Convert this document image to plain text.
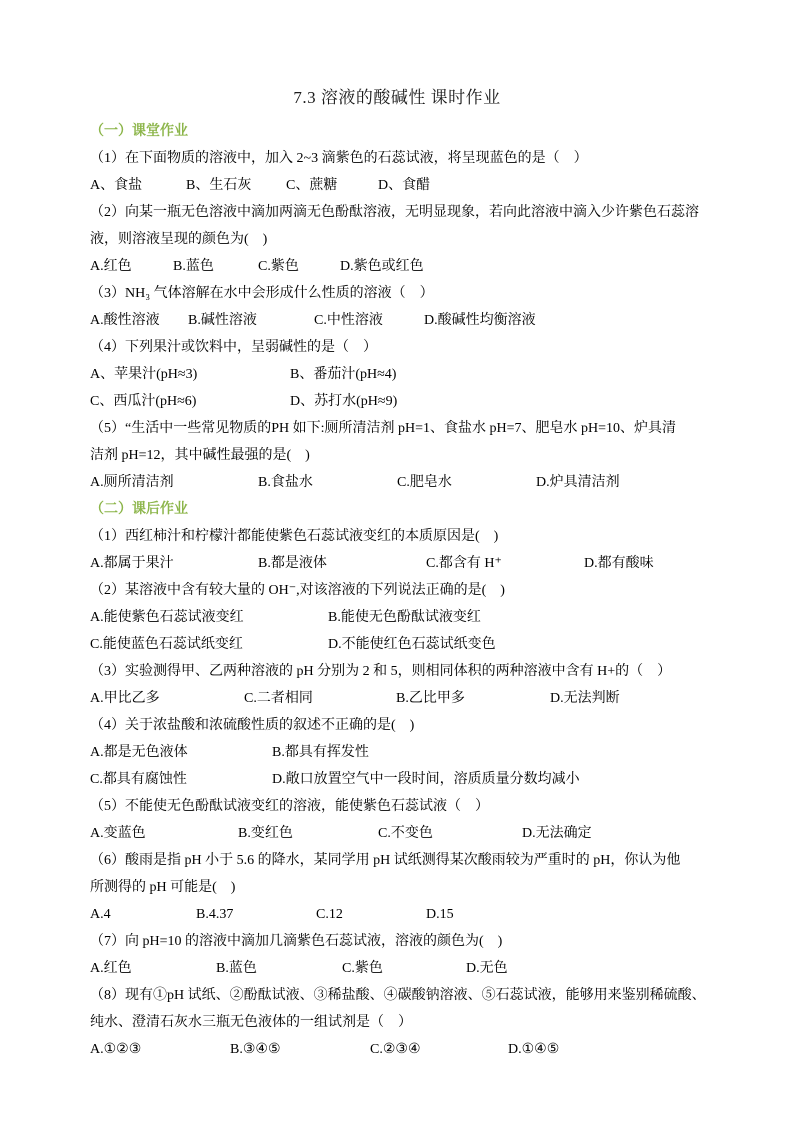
7.3 溶液的酸碱性 课时作业
（一）课堂作业
（1）在下面物质的溶液中，加入 2~3 滴紫色的石蕊试液，将呈现蓝色的是（    ）

A、食盐

	B、生石灰

C、蔗糖

	D、食醋

（2）向某一瓶无色溶液中滴加两滴无色酚酞溶液，无明显现象，若向此溶液中滴入少许紫色石蕊溶
液，则溶液呈现的颜色为(    )

A.红色

	B.蓝色

	C.紫色

	D.紫色或红色

（3）NH₃ 气体溶解在水中会形成什么性质的溶液（    ）

A.酸性溶液

B.碱性溶液

	C.中性溶液

	D.酸碱性均衡溶液

（4）下列果汁或饮料中，呈弱碱性的是（    ）

A、苹果汁(pH≈3)

	B、番茄汁(pH≈4)

C、西瓜汁(pH≈6)

	D、苏打水(pH≈9)

（5）“生活中一些常见物质的PH 如下:厕所清洁剂 pH=1、食盐水 pH=7、肥皂水 pH=10、炉具清
洁剂 pH=12，其中碱性最强的是(    )

A.厕所清洁剂

	B.食盐水

	C.肥皂水

	D.炉具清洁剂

（二）课后作业
（1）西红柿汁和柠檬汁都能使紫色石蕊试液变红的本质原因是(    )

A.都属于果汁

	B.都是液体

	C.都含有 H⁺

	D.都有酸味

（2）某溶液中含有较大量的 OH⁻,对该溶液的下列说法正确的是(    )

A.能使紫色石蕊试液变红

	B.能使无色酚酞试液变红

C.能使蓝色石蕊试纸变红

	D.不能使红色石蕊试纸变色

（3）实验测得甲、乙两种溶液的 pH 分别为 2 和 5，则相同体积的两种溶液中含有 H+的（    ）

A.甲比乙多

	C.二者相同

	B.乙比甲多

	D.无法判断

（4）关于浓盐酸和浓硫酸性质的叙述不正确的是(    )

A.都是无色液体

	B.都具有挥发性

C.都具有腐蚀性

	D.敞口放置空气中一段时间，溶质质量分数均减小

（5）不能使无色酚酞试液变红的溶液，能使紫色石蕊试液（    ）

A.变蓝色

	B.变红色

	C.不变色

	D.无法确定

（6）酸雨是指 pH 小于 5.6 的降水，某同学用 pH 试纸测得某次酸雨较为严重时的 pH，你认为他
所测得的 pH 可能是(    )

A.4

	B.4.37

	C.12

	D.15

（7）向 pH=10 的溶液中滴加几滴紫色石蕊试液，溶液的颜色为(    )

A.红色

	B.蓝色

	C.紫色

	D.无色

（8）现有①pH 试纸、②酚酞试液、③稀盐酸、④碳酸钠溶液、⑤石蕊试液，能够用来鉴别稀硫酸、
纯水、澄清石灰水三瓶无色液体的一组试剂是（    ）

A.①②③

	B.③④⑤

	C.②③④

	D.①④⑤
